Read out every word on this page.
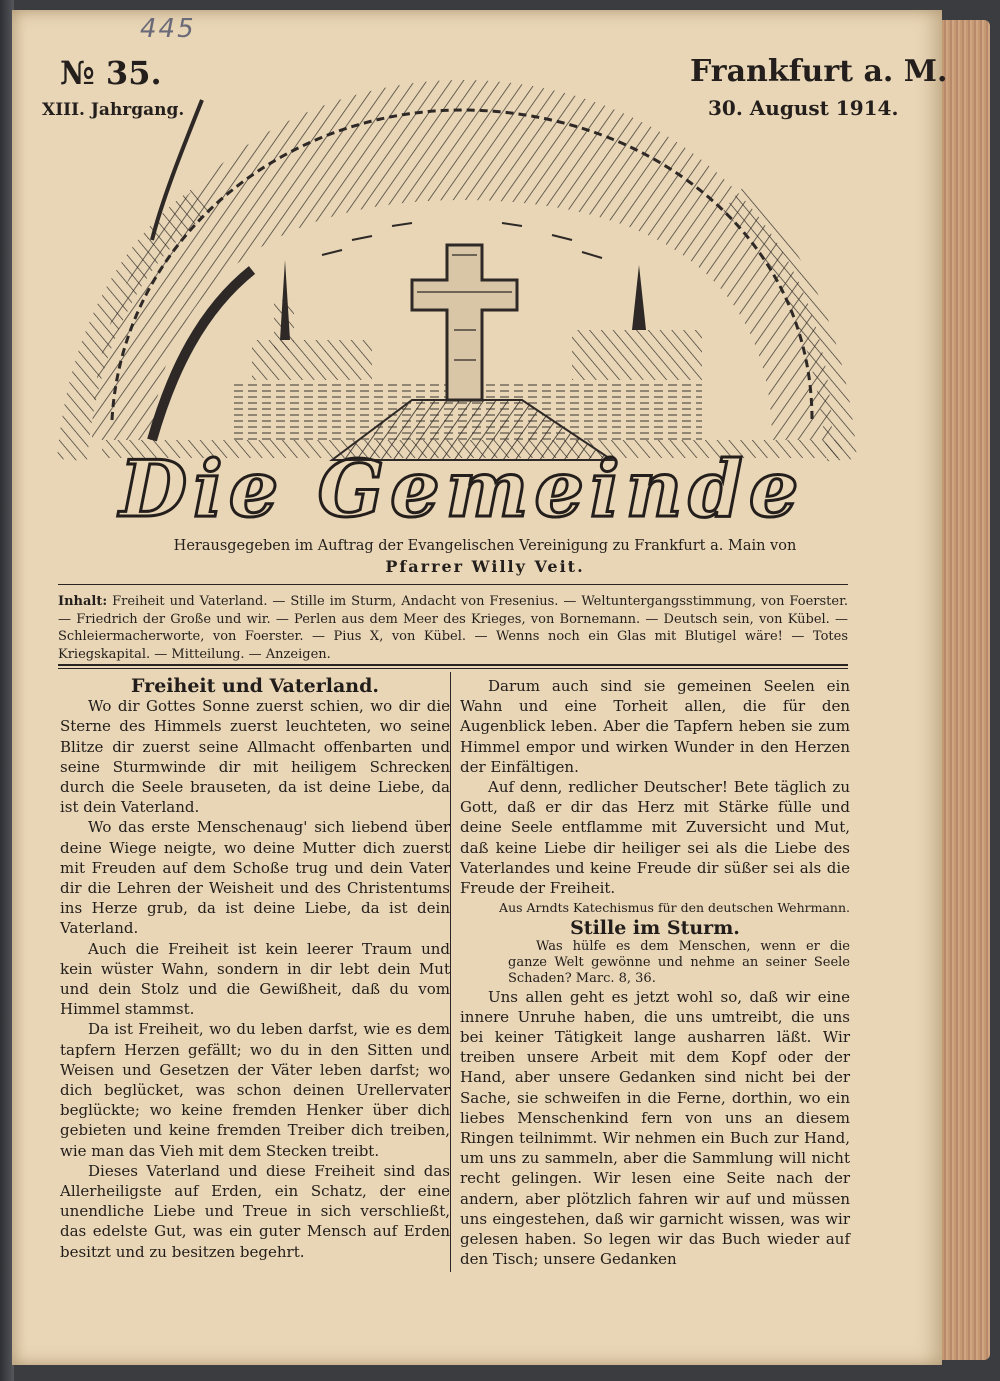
445
№ 35.
XIII. Jahrgang.
Frankfurt a. M.
30. August 1914.
Die Gemeinde
Herausgegeben im Auftrag der Evangelischen Vereinigung zu Frankfurt a. Main von
Pfarrer Willy Veit.
Inhalt: Freiheit und Vaterland. — Stille im Sturm, Andacht von Fresenius. — Weltuntergangsstimmung, von Foerster. — Friedrich der Große und wir. — Perlen aus dem Meer des Krieges, von Bornemann. — Deutsch sein, von Kübel. — Schleiermacherworte, von Foerster. — Pius X, von Kübel. — Wenns noch ein Glas mit Blutigel wäre! — Totes Kriegskapital. — Mitteilung. — Anzeigen.

Freiheit und Vaterland.

Wo dir Gottes Sonne zuerst schien, wo dir die Sterne des Himmels zuerst leuchteten, wo seine Blitze dir zuerst seine Allmacht offenbarten und seine Sturmwinde dir mit heiligem Schrecken durch die Seele brauseten, da ist deine Liebe, da ist dein Vaterland.

Wo das erste Menschenaug' sich liebend über deine Wiege neigte, wo deine Mutter dich zuerst mit Freuden auf dem Schoße trug und dein Vater dir die Lehren der Weisheit und des Christentums ins Herze grub, da ist deine Liebe, da ist dein Vaterland.

Auch die Freiheit ist kein leerer Traum und kein wüster Wahn, sondern in dir lebt dein Mut und dein Stolz und die Gewißheit, daß du vom Himmel stammst.

Da ist Freiheit, wo du leben darfst, wie es dem tapfern Herzen gefällt; wo du in den Sitten und Weisen und Gesetzen der Väter leben darfst; wo dich beglücket, was schon deinen Urellervater beglückte; wo keine fremden Henker über dich gebieten und keine fremden Treiber dich treiben, wie man das Vieh mit dem Stecken treibt.

Dieses Vaterland und diese Freiheit sind das Allerheiligste auf Erden, ein Schatz, der eine unendliche Liebe und Treue in sich verschließt, das edelste Gut, was ein guter Mensch auf Erden besitzt und zu besitzen begehrt.

Darum auch sind sie gemeinen Seelen ein Wahn und eine Torheit allen, die für den Augenblick leben. Aber die Tapfern heben sie zum Himmel empor und wirken Wunder in den Herzen der Einfältigen.

Auf denn, redlicher Deutscher! Bete täglich zu Gott, daß er dir das Herz mit Stärke fülle und deine Seele entflamme mit Zuversicht und Mut, daß keine Liebe dir heiliger sei als die Liebe des Vaterlandes und keine Freude dir süßer sei als die Freude der Freiheit.

Aus Arndts Katechismus für den deutschen Wehrmann.

Stille im Sturm.

Was hülfe es dem Menschen, wenn er die ganze Welt gewönne und nehme an seiner Seele Schaden? Marc. 8, 36.

Uns allen geht es jetzt wohl so, daß wir eine innere Unruhe haben, die uns umtreibt, die uns bei keiner Tätigkeit lange ausharren läßt. Wir treiben unsere Arbeit mit dem Kopf oder der Hand, aber unsere Gedanken sind nicht bei der Sache, sie schweifen in die Ferne, dorthin, wo ein liebes Menschenkind fern von uns an diesem Ringen teilnimmt. Wir nehmen ein Buch zur Hand, um uns zu sammeln, aber die Sammlung will nicht recht gelingen. Wir lesen eine Seite nach der andern, aber plötzlich fahren wir auf und müssen uns eingestehen, daß wir garnicht wissen, was wir gelesen haben. So legen wir das Buch wieder auf den Tisch; unsere Gedanken
